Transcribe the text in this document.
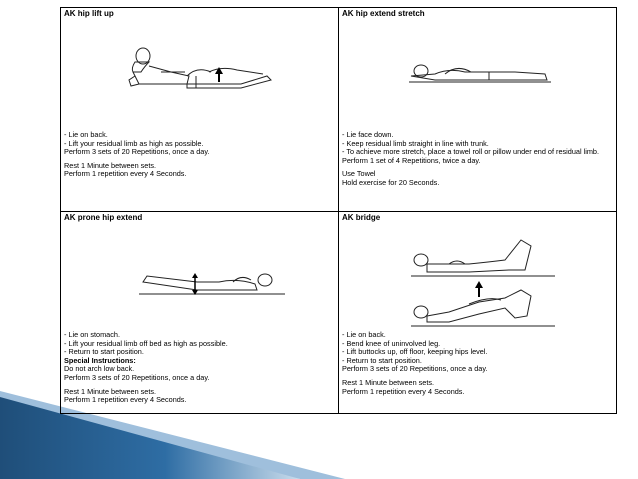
AK hip lift up
- Lie on back.
- Lift your residual limb as high as possible.
Perform 3 sets of 20 Repetitions, once a day.
Rest 1 Minute between sets.
Perform 1 repetition every 4 Seconds.
AK hip extend stretch
- Lie face down.
- Keep residual limb straight in line with trunk.
- To achieve more stretch, place a towel roll or pillow under end of residual limb.
Perform 1 set of 4 Repetitions, twice a day.
Use Towel
Hold exercise for 20 Seconds.
AK prone hip extend
- Lie on stomach.
- Lift your residual limb off bed as high as possible.
- Return to start position.
Special Instructions:
Do not arch low back.
Perform 3 sets of 20 Repetitions, once a day.
Rest 1 Minute between sets.
Perform 1 repetition every 4 Seconds.
AK bridge
- Lie on back.
- Bend knee of uninvolved leg.
- Lift buttocks up, off floor, keeping hips level.
- Return to start position.
Perform 3 sets of 20 Repetitions, once a day.
Rest 1 Minute between sets.
Perform 1 repetition every 4 Seconds.
